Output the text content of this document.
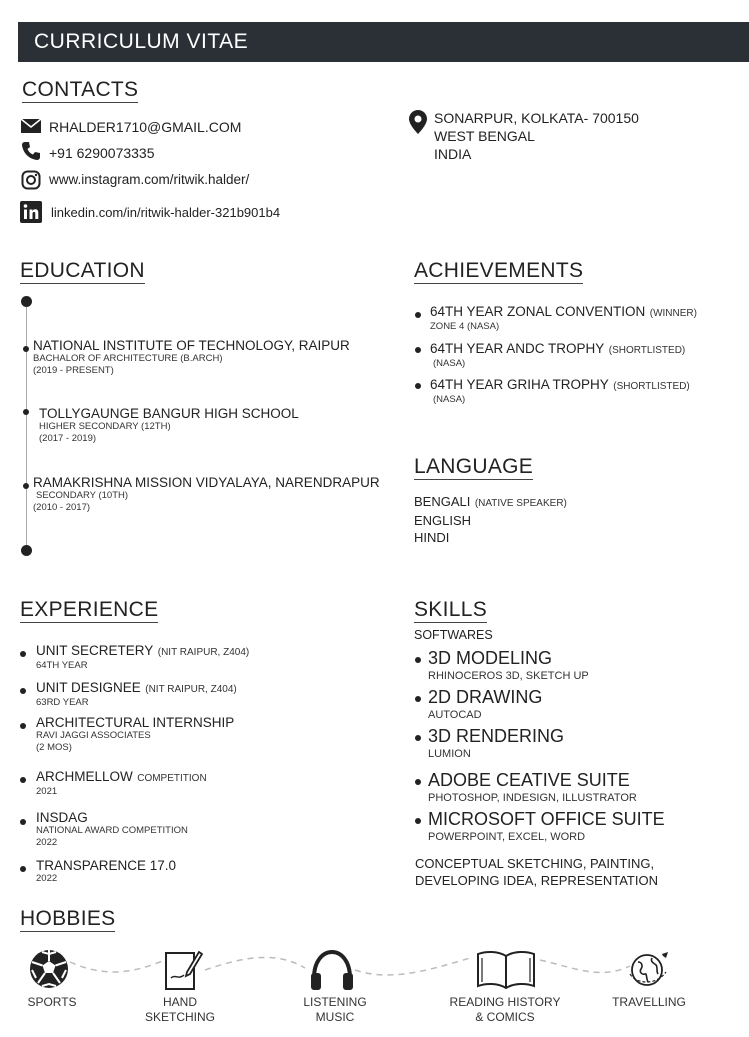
CURRICULUM VITAE
CONTACTS
RHALDER1710@GMAIL.COM
+91 6290073335
www.instagram.com/ritwik.halder/
linkedin.com/in/ritwik-halder-321b901b4
SONARPUR, KOLKATA- 700150
WEST BENGAL
INDIA
EDUCATION
NATIONAL INSTITUTE OF TECHNOLOGY, RAIPUR
BACHALOR OF ARCHITECTURE (B.ARCH)
(2019 - PRESENT)
TOLLYGAUNGE BANGUR HIGH SCHOOL
HIGHER SECONDARY (12TH)
(2017 - 2019)
RAMAKRISHNA MISSION VIDYALAYA, NARENDRAPUR
SECONDARY (10TH)
(2010 - 2017)
ACHIEVEMENTS
64TH YEAR ZONAL CONVENTION (WINNER)
ZONE 4 (NASA)
64TH YEAR ANDC TROPHY (SHORTLISTED)
(NASA)
64TH YEAR GRIHA TROPHY (SHORTLISTED)
(NASA)
LANGUAGE
BENGALI (NATIVE SPEAKER)
ENGLISH
HINDI
EXPERIENCE
UNIT SECRETERY (NIT RAIPUR, Z404)
64TH YEAR
UNIT DESIGNEE (NIT RAIPUR, Z404)
63RD YEAR
ARCHITECTURAL INTERNSHIP
RAVI JAGGI ASSOCIATES
(2 MOS)
ARCHMELLOW COMPETITION
2021
INSDAG
NATIONAL AWARD COMPETITION
2022
TRANSPARENCE 17.0
2022
SKILLS
SOFTWARES
3D MODELING
RHINOCEROS 3D, SKETCH UP
2D DRAWING
AUTOCAD
3D RENDERING
LUMION
ADOBE CEATIVE SUITE
PHOTOSHOP, INDESIGN, ILLUSTRATOR
MICROSOFT OFFICE SUITE
POWERPOINT, EXCEL, WORD
CONCEPTUAL SKETCHING, PAINTING,
DEVELOPING IDEA, REPRESENTATION
HOBBIES
SPORTS	HAND
SKETCHING
LISTENING
MUSIC
READING HISTORY
& COMICS
TRAVELLING
